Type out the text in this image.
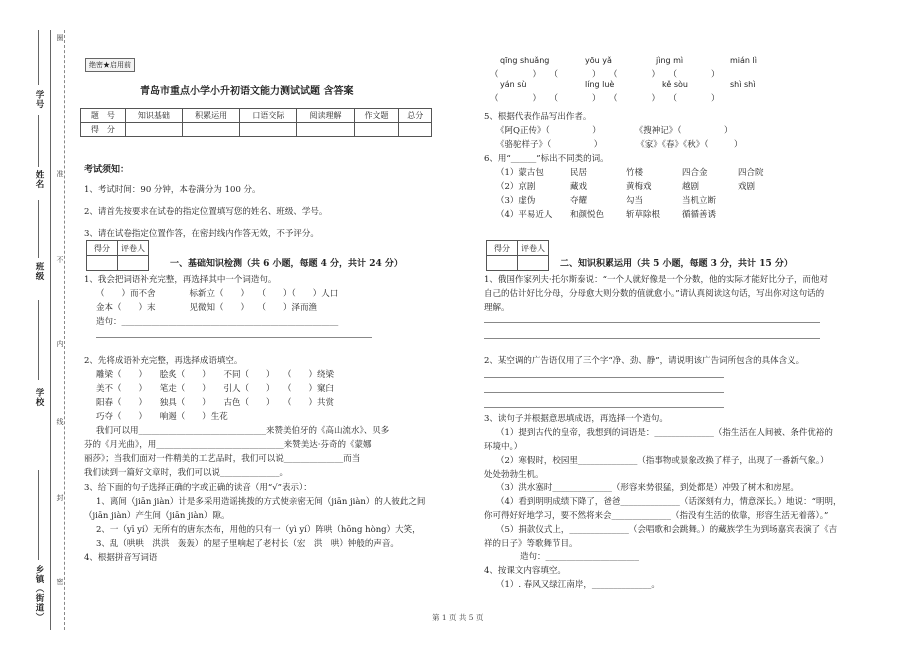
学号
姓名
班级
学校
乡镇（街道）
圈
准
不
内
线
封
密
绝密★启用前
青岛市重点小学小升初语文能力测试试题 含答案
题　号	知识基础	积累运用	口语交际	阅读理解	作文题	总分
得　分						
考试须知：
1、考试时间：90 分钟，本卷满分为 100 分。
2、请首先按要求在试卷的指定位置填写您的姓名、班级、学号。
3、请在试卷指定位置作答，在密封线内作答无效，不予评分。
得分	评卷人

一、基础知识检测（共 6 小题，每题 4 分，共计 24 分）
1、我会把词语补充完整，再选择其中一个词造句。
（　　）而不舍　　　　标新立（　　）　　（　　）（　　）人口
金本（　　）末　　　　见微知（　　）　　（　　）泽而渔
造句：___________________________________________________
2、先将成语补充完整，再选择成语填空。
雕梁（　　）　　脍炙（　　）　　不同（　　）　　（　　）绕梁
美不（　　）　　笔走（　　）　　引人（　　）　　（　　）窠臼
阳春（　　）　　独具（　　）　　古色（　　）　　（　　）共赏
巧夺（　　）　　响遏（　　）生花
我们可以用______________________________来赞美伯牙的《高山流水》、贝多
芬的《月光曲》，用______________________________来赞美达·芬奇的《蒙娜
丽莎》；当我们面对一件精美的工艺品时，我们可以说______________而当
我们读到一篇好文章时，我们可以说______________。
3、给下面的句子选择正确的字或正确的读音（用“√”表示）：
1、离间（jiān jiàn）计是多采用造谣挑拨的方式使亲密无间（jiān jiàn）的人彼此之间
（jiān jiàn）产生间（jiān jiàn）隙。
2、一（yī yí）无所有的唐东杰布，用他的只有一（yì yí）阵哄（hōng hòng）大笑，
3、乱（哄哄　洪洪　轰轰）的屋子里响起了老村长（宏　洪　哄）钟般的声音。
4、根据拼音写词语
qīng shuǎng	yōu yǎ	jìng mì	mián lì
（　　　　）　　（　　　　）　　（　　　　）　　（　　　　）
yán sù	líng luè	kě sòu	shì shì
（　　　　）　　（　　　　）　　（　　　　）　　（　　　　）
5、根据代表作品写出作者。
《阿Q正传》（　　　　　）　　　　　《搜神记》（　　　　　）
《骆驼样子》（　　　　　）　　　　　《家》《春》《秋》（　　　）
6、用“______”标出不同类的词。
（1）蒙古包	民居	竹楼	四合金	四合院
（2）京剧	藏戏	黄梅戏	越剧	戏剧
（3）虚伪	夺耀	勾当	当机立断
（4）平易近人 和颜悦色	斩草除根	循循善诱
得分	评卷人

二、知识积累运用（共 5 小题，每题 3 分，共计 15 分）
1、俄国作家列夫·托尔斯泰说：“一个人就好像是一个分数，他的实际才能好比分子，而他对
自己的估计好比分母，分母愈大则分数的值就愈小。”请认真阅读这句话，写出你对这句话的
理解。
2、某空调的广告语仅用了三个字“净、劲、静”，请说明该广告词所包含的具体含义。
3、读句子并根据意思填成语，再选择一个造句。
（1）提到古代的皇帝，我想到的词语是：______________（指生活在人间被、条件优裕的
环境中。）
（2）寒假时，校园里______________（指事物或景象改换了样子，出现了一番新气象。）
处处勃勃生机。
（3）洪水塞时______________（形容来势很猛，到处都是）冲毁了树木和房屋。
（4）看到明明成绩下降了，爸爸______________（话深刻有力，情意深长。）地说：“明明，
你可得好好地学习，要不然将来会______________（指没有生活的依靠，形容生活无着落）。”
（5）捐款仪式上，______________（会唱歌和会跳舞。）的藏族学生为到场嘉宾表演了《吉
祥的日子》等歌舞节目。
造句：______________________
4、按课文内容填空。
（1）. 春风又绿江南岸，______________。
第 1 页 共 5 页
